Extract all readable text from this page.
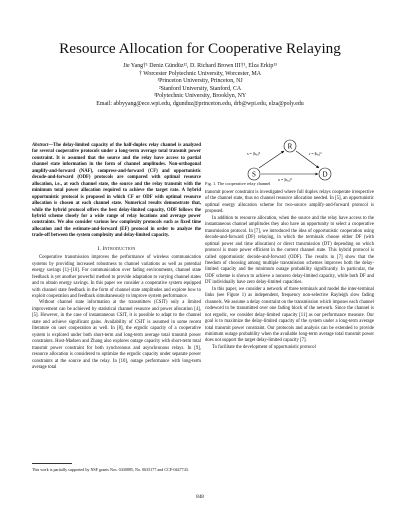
Resource Allocation for Cooperative Relaying
Jie Yang†¹ Deniz Gündüz¹², D. Richard Brown III†¹, Elza Erkip¹³
† Worcester Polytechnic University, Worcester, MA
¹Princeton University, Princeton, NJ
²Stanford University, Stanford, CA
³Polytechnic University, Brooklyn, NY
Email: abbyyang@ece.wpi.edu, dgunduz@princeton.edu, drb@wpi.edu, elza@poly.edu

Abstract—The delay-limited capacity of the half-duplex relay channel is analyzed for several cooperative protocols under a long-term average total transmit power constraint. It is assumed that the source and the relay have access to partial channel state information in the form of channel amplitudes. Non-orthogonal amplify-and-forward (NAF), compress-and-forward (CF) and opportunistic decode-and-forward (ODF) protocols are compared with optimal resource allocation, i.e., at each channel state, the source and the relay transmit with the minimum total power allocation required to achieve the target rate. A hybrid opportunistic protocol is proposed in which CF or ODF with optimal resource allocation is chosen at each channel state. Numerical results demonstrate that, while the hybrid protocol offers the best delay-limited capacity, ODF follows the hybrid scheme closely for a wide range of relay locations and average power constraints. We also consider various low complexity protocols such as fixed time allocation and the estimate-and-forward (EF) protocol in order to analyze the trade-off between the system complexity and delay-limited capacity.

I. Introduction

Cooperative transmission improves the performance of wireless communication systems by providing increased robustness to channel variations as well as potential energy savings [1]–[10]. For communication over fading environments, channel state feedback is yet another powerful method to provide adaptation to varying channel states and to obtain energy savings. In this paper we consider a cooperative system equipped with channel state feedback in the form of channel state amplitudes and explore how to exploit cooperation and feedback simultaneously to improve system performance.

Without channel state information at the transmitters (CSIT) only a limited improvement can be achieved by statistical channel resource and power allocation [4], [5]. However, in the case of instantaneous CSIT, it is possible to adapt to the channel state and achieve significant gains. Availability of CSIT is assumed in some recent literature on user cooperation as well. In [8], the ergodic capacity of a cooperative system is explored under both short-term and long-term average total transmit power constraints. Host-Madsen and Zhang also explores outage capacity with short-term total transmit power constraint for both synchronous and asynchronous relays. In [9], resource allocation is considered to optimize the ergodic capacity under separate power constraints at the source and the relay. In [10], outage performance with long-term average total

This work is partially supported by NSF grants Nos. 0430885, No. 0635177 and CCF-0447743.
R
S	D
s = |hₛᵣ|²	r = |hᵣₐ|²
x = |hₛₐ|²
Fig. 1. The cooperative relay channel

transmit power constraint is investigated where full duplex relays cooperate irrespective of the channel state, thus no channel resource allocation needed. In [5], an opportunistic optimal energy allocation scheme for two-source amplify-and-forward protocol is proposed.

In addition to resource allocation, when the source and the relay have access to the instantaneous channel amplitudes they also have an opportunity to select a cooperative transmission protocol. In [7], we introduced the idea of opportunistic cooperation using decode-and-forward (DF) relaying, in which the terminals choose either DF (with optimal power and time allocation) or direct transmission (DT) depending on which protocol is more power efficient in the current channel state. This hybrid protocol is called opportunistic decode-and-forward (ODF). The results in [7] show that the freedom of choosing among multiple transmission schemes improves both the delay-limited capacity and the minimum outage probability significantly. In particular, the ODF scheme is shown to achieve a nonzero delay-limited capacity, while both DF and DT individually have zero delay-limited capacities.

In this paper, we consider a network of three terminals and model the inter-terminal links (see Figure 1) as independent, frequency non-selective Rayleigh slow fading channels. We assume a delay constraint on the transmission which imposes each channel codeword to be transmitted over one fading block of the network. Since the channel is not ergodic, we consider delay-limited capacity [11] as our performance measure. Our goal is to maximize the delay-limited capacity of the system under a long-term average total transmit power constraint. Our protocols and analysis can be extended to provide minimum outage probability when the available long-term average total transmit power does not support the target delay-limited capacity [7].

To facilitate the development of opportunistic protocol

848
